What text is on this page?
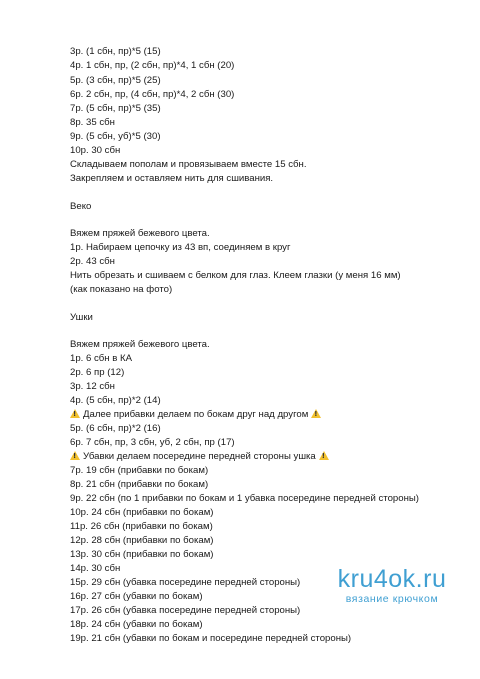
3р. (1 сбн, пр)*5 (15)
4р. 1 сбн, пр, (2 сбн, пр)*4, 1 сбн (20)
5р. (3 сбн, пр)*5 (25)
6р. 2 сбн, пр, (4 сбн, пр)*4, 2 сбн (30)
7р. (5 сбн, пр)*5 (35)
8р. 35 сбн
9р. (5 сбн, уб)*5 (30)
10р. 30 сбн
Складываем пополам и провязываем вместе 15 сбн.
Закрепляем и оставляем нить для сшивания.
Веко
Вяжем пряжей бежевого цвета.
1р. Набираем цепочку из 43 вп, соединяем в круг
2р. 43 сбн
Нить обрезать и сшиваем с белком для глаз. Клеем глазки (у меня 16 мм)
(как показано на фото)
Ушки
Вяжем пряжей бежевого цвета.
1р. 6 сбн в КА
2р. 6 пр (12)
3р. 12 сбн
4р. (5 сбн, пр)*2 (14)
!Далее прибавки делаем по бокам друг над другом!
5р. (6 сбн, пр)*2 (16)
6р. 7 сбн, пр, 3 сбн, уб, 2 сбн, пр (17)
!Убавки делаем посередине передней стороны ушка!
7р. 19 сбн (прибавки по бокам)
8р. 21 сбн (прибавки по бокам)
9р. 22 сбн (по 1 прибавки по бокам и 1 убавка посередине передней стороны)
10р. 24 сбн (прибавки по бокам)
11р. 26 сбн (прибавки по бокам)
12р. 28 сбн (прибавки по бокам)
13р. 30 сбн (прибавки по бокам)
14р. 30 сбн
15р. 29 сбн (убавка посередине передней стороны)
16р. 27 сбн (убавки по бокам)
17р. 26 сбн (убавка посередине передней стороны)
18р. 24 сбн (убавки по бокам)
19р. 21 сбн (убавки по бокам и посередине передней стороны)
kru4ok.ru
вязание крючком
